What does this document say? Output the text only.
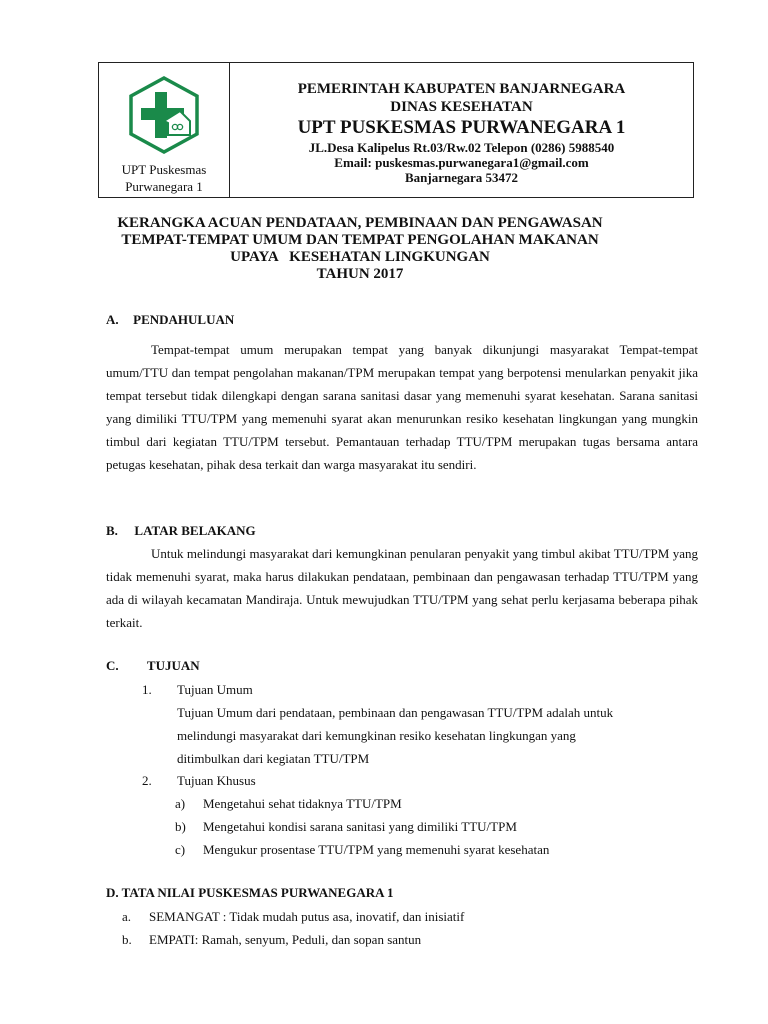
UPT Puskesmas
Purwanegara 1
PEMERINTAH KABUPATEN BANJARNEGARA
DINAS KESEHATAN
UPT PUSKESMAS PURWANEGARA 1
JL.Desa Kalipelus Rt.03/Rw.02 Telepon (0286) 5988540
Email: puskesmas.purwanegara1@gmail.com
Banjarnegara 53472
KERANGKA ACUAN PENDATAAN, PEMBINAAN DAN PENGAWASAN
TEMPAT-TEMPAT UMUM DAN TEMPAT PENGOLAHAN MAKANAN
UPAYA   KESEHATAN LINGKUNGAN
TAHUN 2017
A. PENDAHULUAN
Tempat-tempat umum merupakan tempat yang banyak dikunjungi masyarakat Tempat-tempat umum/TTU dan tempat pengolahan makanan/TPM merupakan tempat yang berpotensi menularkan penyakit jika tempat tersebut tidak dilengkapi dengan sarana sanitasi dasar yang memenuhi syarat kesehatan. Sarana sanitasi yang dimiliki TTU/TPM yang memenuhi syarat akan menurunkan resiko kesehatan lingkungan yang mungkin timbul dari kegiatan TTU/TPM tersebut. Pemantauan terhadap TTU/TPM merupakan tugas bersama antara petugas kesehatan, pihak desa terkait dan warga masyarakat itu sendiri.
B. LATAR BELAKANG
Untuk melindungi masyarakat dari kemungkinan penularan penyakit yang timbul akibat TTU/TPM yang tidak memenuhi syarat, maka harus dilakukan pendataan, pembinaan dan pengawasan terhadap TTU/TPM yang ada di wilayah kecamatan Mandiraja. Untuk mewujudkan TTU/TPM yang sehat perlu kerjasama beberapa pihak terkait.
C. TUJUAN
1. Tujuan Umum
Tujuan Umum dari pendataan, pembinaan dan pengawasan TTU/TPM adalah untuk
melindungi masyarakat dari kemungkinan resiko kesehatan lingkungan yang
ditimbulkan dari kegiatan TTU/TPM
2. Tujuan Khusus
a) Mengetahui sehat tidaknya TTU/TPM
b) Mengetahui kondisi sarana sanitasi yang dimiliki TTU/TPM
c) Mengukur prosentase TTU/TPM yang memenuhi syarat kesehatan
D. TATA NILAI PUSKESMAS PURWANEGARA 1
a. SEMANGAT : Tidak mudah putus asa, inovatif, dan inisiatif
b. EMPATI: Ramah, senyum, Peduli, dan sopan santun
